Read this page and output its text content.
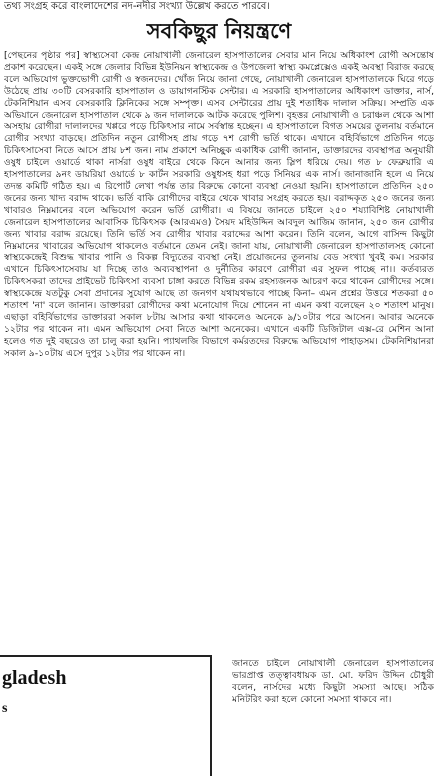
তথ্য সংগ্রহ করে বাংলাদেশের নদ-নদীর সংখ্যা উল্লেখ করতে পারবে।
সবকিছুর নিয়ন্ত্রণে

[পেছনের পৃষ্ঠার পর] স্বাস্থ্যসেবা কেন্দ্র নোয়াখালী জেনারেল হাসপাতালের সেবার মান নিয়ে অধিকাংশ রোগী অসন্তোষ প্রকাশ করেছেন। একই সঙ্গে জেলার বিভিন্ন ইউনিয়ন স্বাস্থ্যকেন্দ্র ও উপজেলা স্বাস্থ্য কমপ্লেক্সেও একই অবস্থা বিরাজ করছে বলে অভিযোগ ভুক্তভোগী রোগী ও স্বজনদের। খোঁজ নিয়ে জানা গেছে, নোয়াখালী জেনারেল হাসপাতালকে ঘিরে গড়ে উঠেছে প্রায় ৩০টি বেসরকারি হাসপাতাল ও ডায়াগনস্টিক সেন্টার। এ সরকারি হাসপাতালের অধিকাংশ ডাক্তার, নার্স, টেকনিশিয়ান এসব বেসরকারি ক্লিনিকের সঙ্গে সম্পৃক্ত। এসব সেন্টারের প্রায় দুই শতাধিক দালাল সক্রিয়। সম্প্রতি এক অভিযানে জেনারেল হাসপাতাল থেকে ৯ জন দালালকে আটক করেছে পুলিশ। বৃহত্তর নোয়াখালী ও চরাঞ্চল থেকে আশা অসহায় রোগীরা দালালদের খপ্পরে পড়ে চিকিৎসার নামে সর্বস্বান্ত হচ্ছেন। এ হাসপাতালে বিগত সময়ের তুলনায় বর্তমানে রোগীর সংখ্যা বাড়ছে। প্রতিদিন নতুন রোগীসহ প্রায় গড়ে ৭শ রোগী ভর্তি থাকে। এখানে বহির্বিভাগে প্রতিদিন গড়ে চিকিৎসাসেবা নিতে আসে প্রায় ৮শ জন। নাম প্রকাশে অনিচ্ছুক একাধিক রোগী জানান, ডাক্তারদের ব্যবস্থাপত্র অনুযায়ী ওষুধ চাইলে ওয়ার্ডে থাকা নার্সরা ওষুধ বাইরে থেকে কিনে আনার জন্য স্লিপ ধরিয়ে দেয়। গত ৮ ফেব্রুয়ারি এ হাসপাতালের ৯নং ডায়রিয়া ওয়ার্ডে ৮ কার্টন সরকারি ওষুধসহ ধরা পড়ে সিনিয়র এক নার্স। জানাজানি হলে এ নিয়ে তদন্ত কমিটি গঠিত হয়। এ রিপোর্ট লেখা পর্যন্ত তার বিরুদ্ধে কোনো ব্যবস্থা নেওয়া হয়নি। হাসপাতালে প্রতিদিন ২৫০ জনের জন্য খাদ্য বরাদ্দ থাকে। ভর্তি বাকি রোগীদের বাইরে থেকে খাবার সংগ্রহ করতে হয়। বরাদ্দকৃত ২৫০ জনের জন্য খাবারও নিম্নমানের বলে অভিযোগ করেন ভর্তি রোগীরা। এ বিষয়ে জানতে চাইলে ২৫০ শয্যাবিশিষ্ট নোয়াখালী জেনারেল হাসপাতালের আবাসিক চিকিৎসক (আরএমও) সৈয়দ মহিউদ্দিন আবদুল আজিম জানান, ২৫০ জন রোগীর জন্য খাবার বরাদ্দ রয়েছে। তিনি ভর্তি সব রোগীর খাবার বরাদ্দের আশা করেন। তিনি বলেন, আগে বাসিন্দ কিছুটা নিম্নমানের খাবারের অভিযোগ থাকলেও বর্তমানে তেমন নেই। জানা যায়, নোয়াখালী জেনারেল হাসপাতালসহ কোনো স্বাস্থ্যকেন্দ্রেই বিশুদ্ধ খাবার পানি ও বিকল্প বিদ্যুতের ব্যবস্থা নেই। প্রয়োজনের তুলনায় বেড সংখ্যা খুবই কম। সরকার এখানে চিকিৎসাসেবায় যা দিচ্ছে তাও অব্যবস্থাপনা ও দুর্নীতির কারণে রোগীরা এর সুফল পাচ্ছে না।। কর্তব্যরত চিকিৎসকরা তাদের প্রাইভেট চিকিৎসা ব্যবসা চাঙ্গা করতে বিভিন্ন রকম রহস্যজনক আচরণ করে থাকেন রোগীদের সঙ্গে। স্বাস্থ্যকেন্দ্রে যতটুকু সেবা প্রদানের সুযোগ আছে তা জনগণ যথাযথভাবে পাচ্ছে কিনা– এমন প্রশ্নের উত্তরে শতকরা ৫০ শতাংশ 'না' বলে জানান। ডাক্তাররা রোগীদের কথা মনোযোগ দিয়ে শোনেন না এমন কথা বলেছেন ২০ শতাংশ মানুষ। এছাড়া বহির্বিভাগের ডাক্তাররা সকাল ৮টায় আসার কথা থাকলেও অনেকে ৯/১০টার পরে আসেন। আবার অনেকে ১২টার পর থাকেন না। এমন অভিযোগ সেবা নিতে আশা অনেকের। এখানে একটি ডিজিটাল এক্স-রে মেশিন আনা হলেও গত দুই বছরেও তা চালু করা হয়নি। প্যাথলজি বিভাগে কর্মরতদের বিরুদ্ধে অভিযোগ পাহাড়সম। টেকনিশিয়ানরা সকাল ৯-১০টায় এসে দুপুর ১২টার পর থাকেন না।

gladesh
s
জানতে চাইলে নোয়াখালী জেনারেল হাসপাতালের ভারপ্রাপ্ত তত্ত্বাবধায়ক ডা. মো. ফরিদ উদ্দিন চৌধুরী বলেন, নার্সদের মধ্যে কিছুটা সমস্যা আছে। সঠিক মনিটরিং করা হলে কোনো সমস্যা থাকবে না।
